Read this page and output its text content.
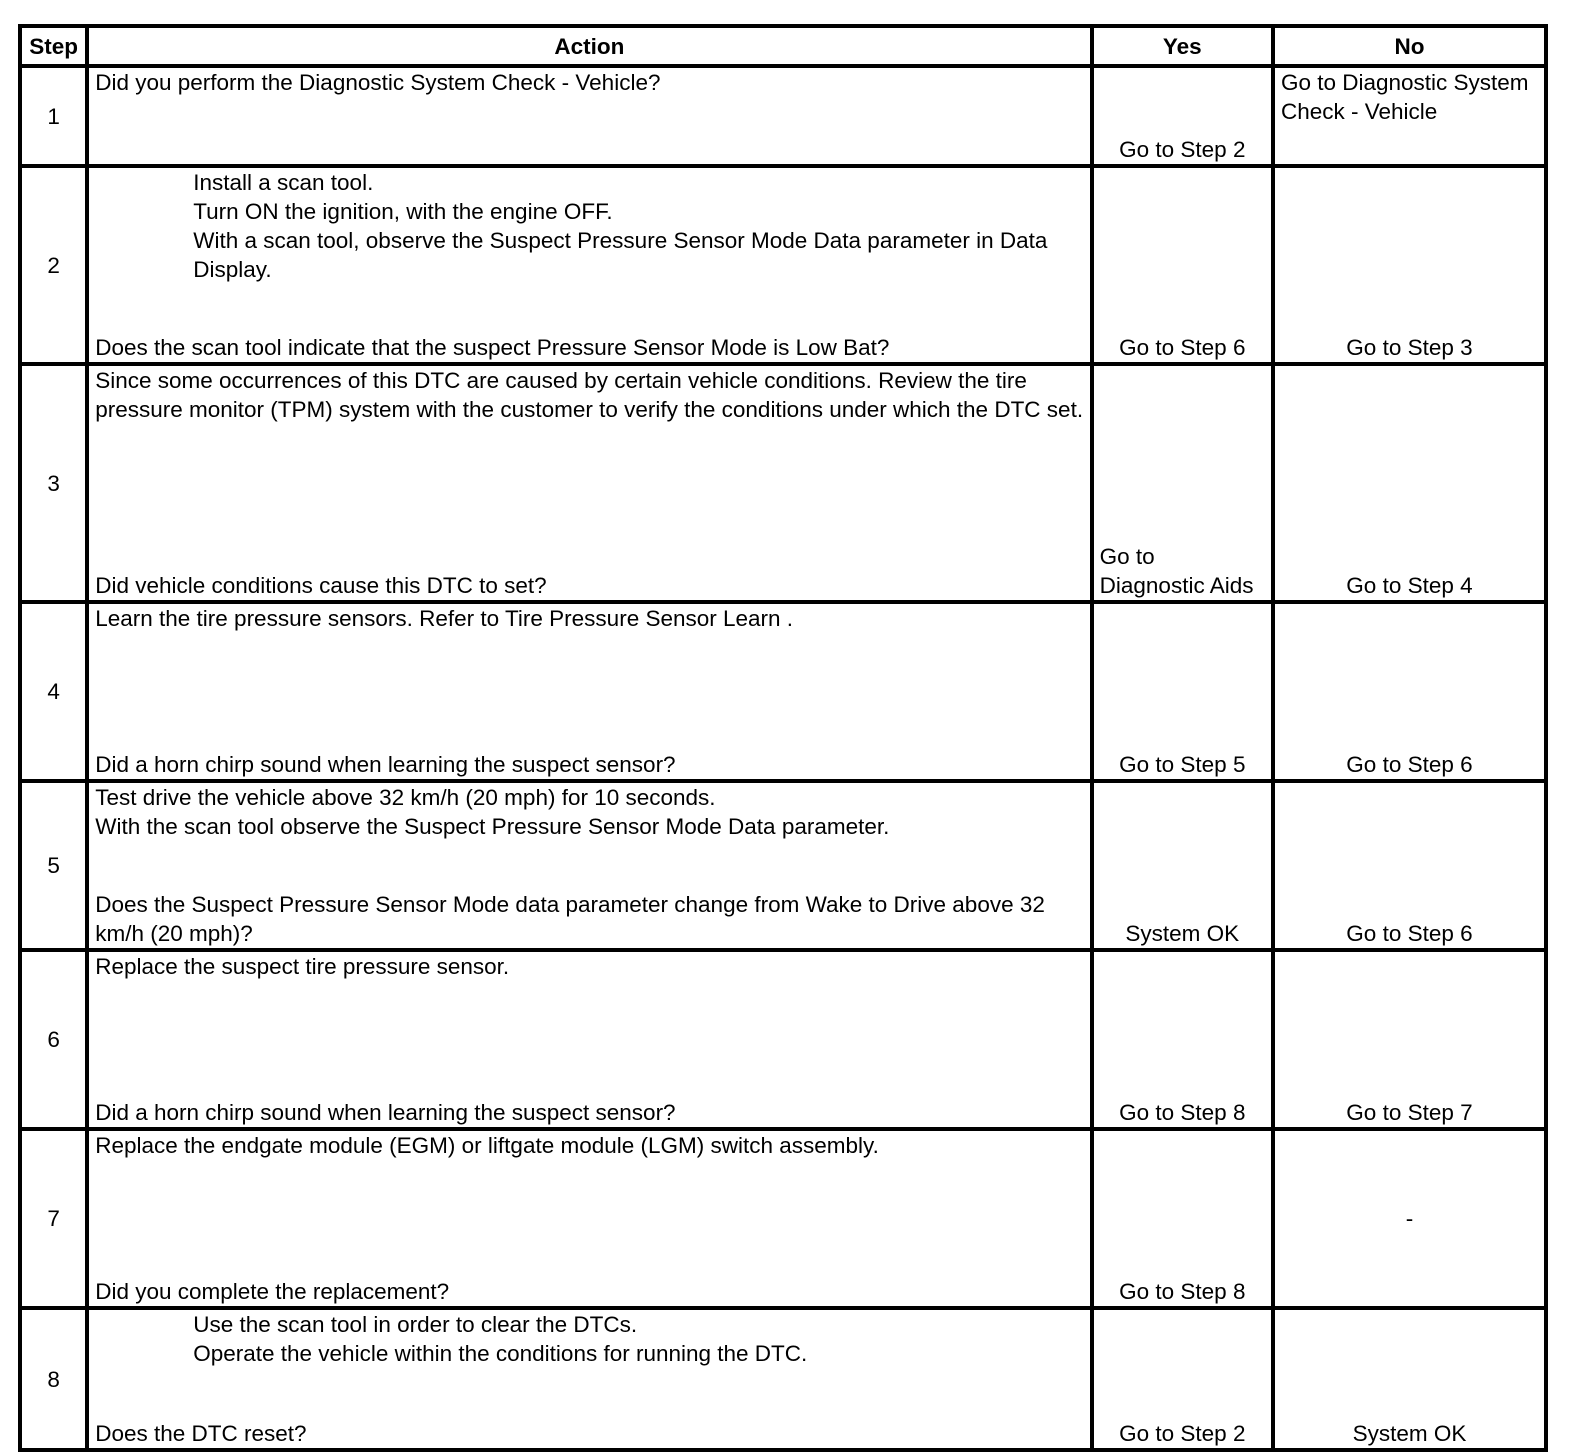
Step	Action	Yes	No
1	Did you perform the Diagnostic System Check - Vehicle?	Go to Step 2	Go to Diagnostic System Check - Vehicle
2	Install a scan tool.
Turn ON the ignition, with the engine OFF.
With a scan tool, observe the Suspect Pressure Sensor Mode Data parameter in Data Display.
Does the scan tool indicate that the suspect Pressure Sensor Mode is Low Bat?	Go to Step 6	Go to Step 3
3	Since some occurrences of this DTC are caused by certain vehicle conditions. Review the tire pressure monitor (TPM) system with the customer to verify the conditions under which the DTC set.
Did vehicle conditions cause this DTC to set?	Go to Diagnostic Aids	Go to Step 4
4	Learn the tire pressure sensors. Refer to Tire Pressure Sensor Learn .
Did a horn chirp sound when learning the suspect sensor?	Go to Step 5	Go to Step 6
5	Test drive the vehicle above 32 km/h (20 mph) for 10 seconds.
With the scan tool observe the Suspect Pressure Sensor Mode Data parameter.
Does the Suspect Pressure Sensor Mode data parameter change from Wake to Drive above 32 km/h (20 mph)?	System OK	Go to Step 6
6	Replace the suspect tire pressure sensor.
Did a horn chirp sound when learning the suspect sensor?	Go to Step 8	Go to Step 7
7	Replace the endgate module (EGM) or liftgate module (LGM) switch assembly.
Did you complete the replacement?	Go to Step 8	-
8	Use the scan tool in order to clear the DTCs.
Operate the vehicle within the conditions for running the DTC.
Does the DTC reset?	Go to Step 2	System OK
